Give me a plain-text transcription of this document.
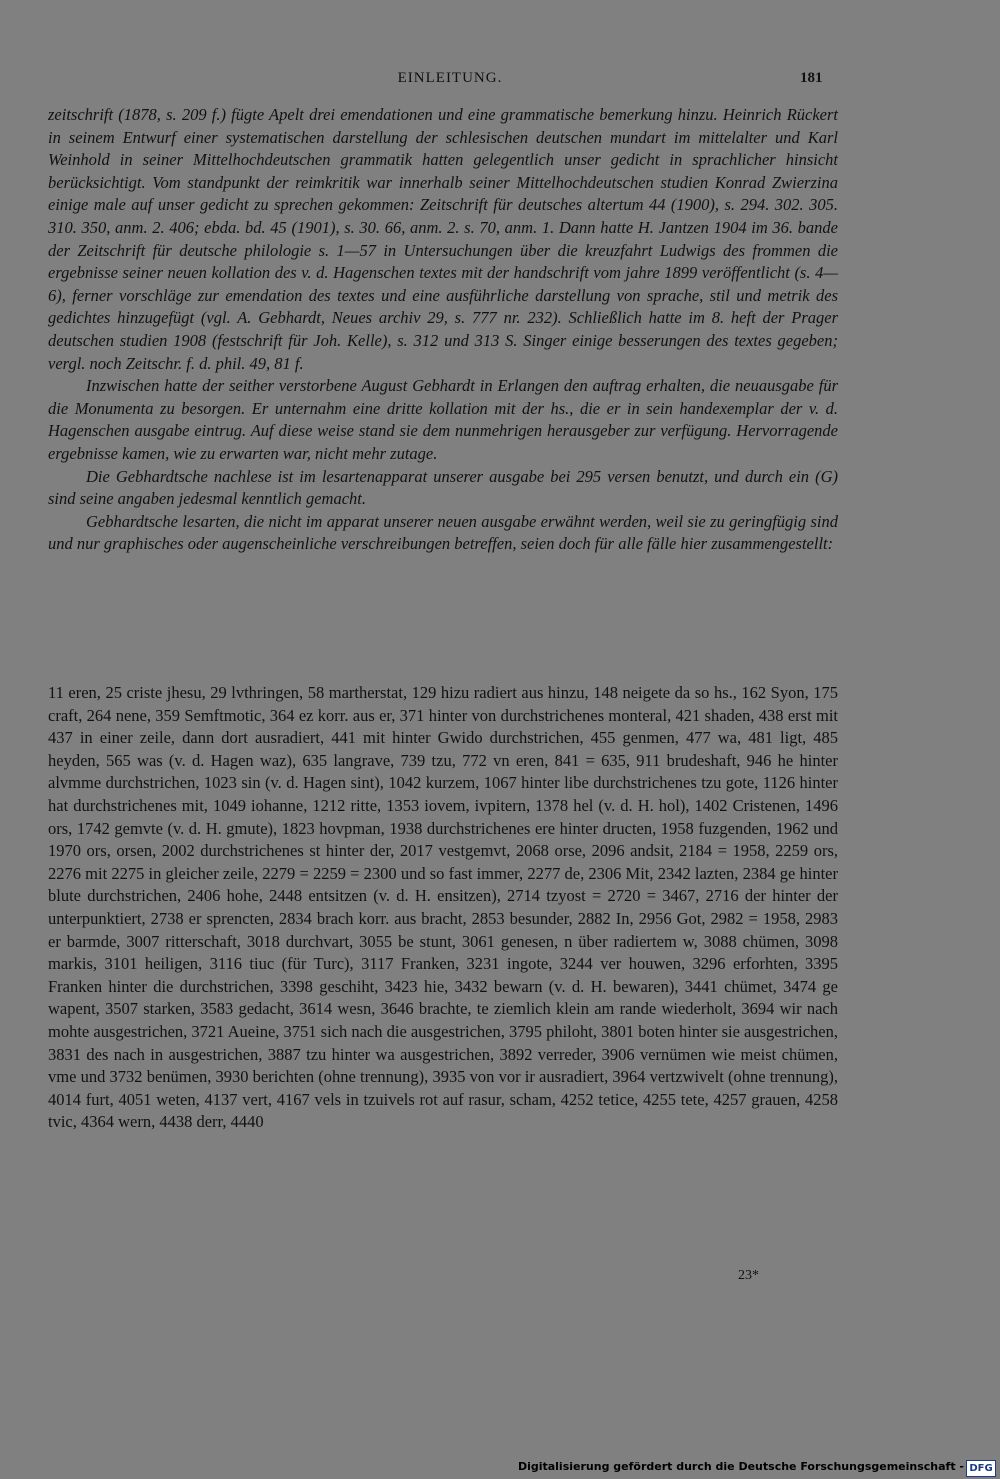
EINLEITUNG.	181

zeitschrift (1878, s. 209 f.) fügte Apelt drei emendationen und eine grammatische bemerkung hinzu. Heinrich Rückert in seinem Entwurf einer systematischen darstellung der schlesischen deutschen mundart im mittelalter und Karl Weinhold in seiner Mittelhochdeutschen grammatik hatten gelegentlich unser gedicht in sprachlicher hinsicht berücksichtigt. Vom standpunkt der reimkritik war innerhalb seiner Mittelhochdeutschen studien Konrad Zwierzina einige male auf unser gedicht zu sprechen gekommen: Zeitschrift für deutsches altertum 44 (1900), s. 294. 302. 305. 310. 350, anm. 2. 406; ebda. bd. 45 (1901), s. 30. 66, anm. 2. s. 70, anm. 1. Dann hatte H. Jantzen 1904 im 36. bande der Zeitschrift für deutsche philologie s. 1—57 in Untersuchungen über die kreuzfahrt Ludwigs des frommen die ergebnisse seiner neuen kollation des v. d. Hagenschen textes mit der handschrift vom jahre 1899 veröffentlicht (s. 4—6), ferner vorschläge zur emendation des textes und eine ausführliche darstellung von sprache, stil und metrik des gedichtes hinzugefügt (vgl. A. Gebhardt, Neues archiv 29, s. 777 nr. 232). Schließlich hatte im 8. heft der Prager deutschen studien 1908 (festschrift für Joh. Kelle), s. 312 und 313 S. Singer einige besserungen des textes gegeben; vergl. noch Zeitschr. f. d. phil. 49, 81 f.

Inzwischen hatte der seither verstorbene August Gebhardt in Erlangen den auftrag erhalten, die neuausgabe für die Monumenta zu besorgen. Er unternahm eine dritte kollation mit der hs., die er in sein handexemplar der v. d. Hagenschen ausgabe eintrug. Auf diese weise stand sie dem nunmehrigen herausgeber zur verfügung. Hervorragende ergebnisse kamen, wie zu erwarten war, nicht mehr zutage.

Die Gebhardtsche nachlese ist im lesartenapparat unserer ausgabe bei 295 versen benutzt, und durch ein (G) sind seine angaben jedesmal kenntlich gemacht.

Gebhardtsche lesarten, die nicht im apparat unserer neuen ausgabe erwähnt werden, weil sie zu geringfügig sind und nur graphisches oder augenscheinliche verschreibungen betreffen, seien doch für alle fälle hier zusammengestellt:

11 eren, 25 criste jhesu, 29 lvthringen, 58 martherstat, 129 hizu radiert aus hinzu, 148 neigete da so hs., 162 Syon, 175 craft, 264 nene, 359 Semftmotic, 364 ez korr. aus er, 371 hinter von durchstrichenes monteral, 421 shaden, 438 erst mit 437 in einer zeile, dann dort ausradiert, 441 mit hinter Gwido durchstrichen, 455 genmen, 477 wa, 481 ligt, 485 heyden, 565 was (v. d. Hagen waz), 635 langrave, 739 tzu, 772 vn eren, 841 = 635, 911 brudeshaft, 946 he hinter alvmme durchstrichen, 1023 sin (v. d. Hagen sint), 1042 kurzem, 1067 hinter libe durchstrichenes tzu gote, 1126 hinter hat durchstrichenes mit, 1049 iohanne, 1212 ritte, 1353 iovem, ivpitern, 1378 hel (v. d. H. hol), 1402 Cristenen, 1496 ors, 1742 gemvte (v. d. H. gmute), 1823 hovpman, 1938 durchstrichenes ere hinter dructen, 1958 fuzgenden, 1962 und 1970 ors, orsen, 2002 durchstrichenes st hinter der, 2017 vestgemvt, 2068 orse, 2096 andsit, 2184 = 1958, 2259 ors, 2276 mit 2275 in gleicher zeile, 2279 = 2259 = 2300 und so fast immer, 2277 de, 2306 Mit, 2342 lazten, 2384 ge hinter blute durchstrichen, 2406 hohe, 2448 entsitzen (v. d. H. ensitzen), 2714 tzyost = 2720 = 3467, 2716 der hinter der unterpunktiert, 2738 er sprencten, 2834 brach korr. aus bracht, 2853 besunder, 2882 In, 2956 Got, 2982 = 1958, 2983 er barmde, 3007 ritterschaft, 3018 durchvart, 3055 be stunt, 3061 genesen, n über radiertem w, 3088 chümen, 3098 markis, 3101 heiligen, 3116 tiuc (für Turc), 3117 Franken, 3231 ingote, 3244 ver houwen, 3296 erforhten, 3395 Franken hinter die durchstrichen, 3398 geschiht, 3423 hie, 3432 bewarn (v. d. H. bewaren), 3441 chümet, 3474 ge wapent, 3507 starken, 3583 gedacht, 3614 wesn, 3646 brachte, te ziemlich klein am rande wiederholt, 3694 wir nach mohte ausgestrichen, 3721 Aueine, 3751 sich nach die ausgestrichen, 3795 philoht, 3801 boten hinter sie ausgestrichen, 3831 des nach in ausgestrichen, 3887 tzu hinter wa ausgestrichen, 3892 verreder, 3906 vernümen wie meist chümen, vme und 3732 benümen, 3930 berichten (ohne trennung), 3935 von vor ir ausradiert, 3964 vertzwivelt (ohne trennung), 4014 furt, 4051 weten, 4137 vert, 4167 vels in tzuivels rot auf rasur, scham, 4252 tetice, 4255 tete, 4257 grauen, 4258 tvic, 4364 wern, 4438 derr, 4440
23*
Digitalisierung gefördert durch die Deutsche Forschungsgemeinschaft - DFG
